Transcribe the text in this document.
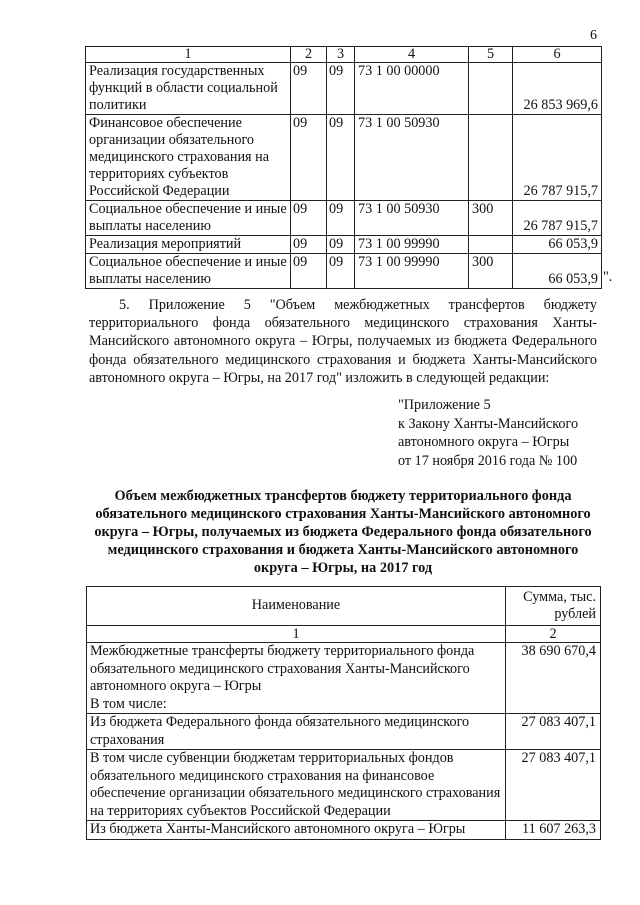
6
1	2	3	4	5	6
Реализация государственных функций в области социальной политики	09	09	73 1 00 00000		26 853 969,6
Финансовое обеспечение организации обязательного медицинского страхования на территориях субъектов Российской Федерации	09	09	73 1 00 50930		26 787 915,7
Социальное обеспечение и иные выплаты населению	09	09	73 1 00 50930	300	26 787 915,7
Реализация мероприятий	09	09	73 1 00 99990		66 053,9
Социальное обеспечение и иные выплаты населению	09	09	73 1 00 99990	300	66 053,9 ".

5. Приложение 5 "Объем межбюджетных трансфертов бюджету территориального фонда обязательного медицинского страхования Ханты-Мансийского автономного округа – Югры, получаемых из бюджета Федерального фонда обязательного медицинского страхования и бюджета Ханты-Мансийского автономного округа – Югры, на 2017 год" изложить в следующей редакции:

"Приложение 5
к Закону Ханты-Мансийского
автономного округа – Югры
от 17 ноября 2016 года № 100

Объем межбюджетных трансфертов бюджету территориального фонда обязательного медицинского страхования Ханты-Мансийского автономного округа – Югры, получаемых из бюджета Федерального фонда обязательного медицинского страхования и бюджета Ханты-Мансийского автономного округа – Югры, на 2017 год

Наименование	Сумма, тыс. рублей
1	2

Межбюджетные трансферты бюджету территориального фонда обязательного медицинского страхования Ханты-Мансийского автономного округа – Югры
В том числе:	38 690 670,4
Из бюджета Федерального фонда обязательного медицинского страхования	27 083 407,1
В том числе субвенции бюджетам территориальных фондов обязательного медицинского страхования на финансовое обеспечение организации обязательного медицинского страхования на территориях субъектов Российской Федерации	27 083 407,1
Из бюджета Ханты-Мансийского автономного округа – Югры	11 607 263,3
